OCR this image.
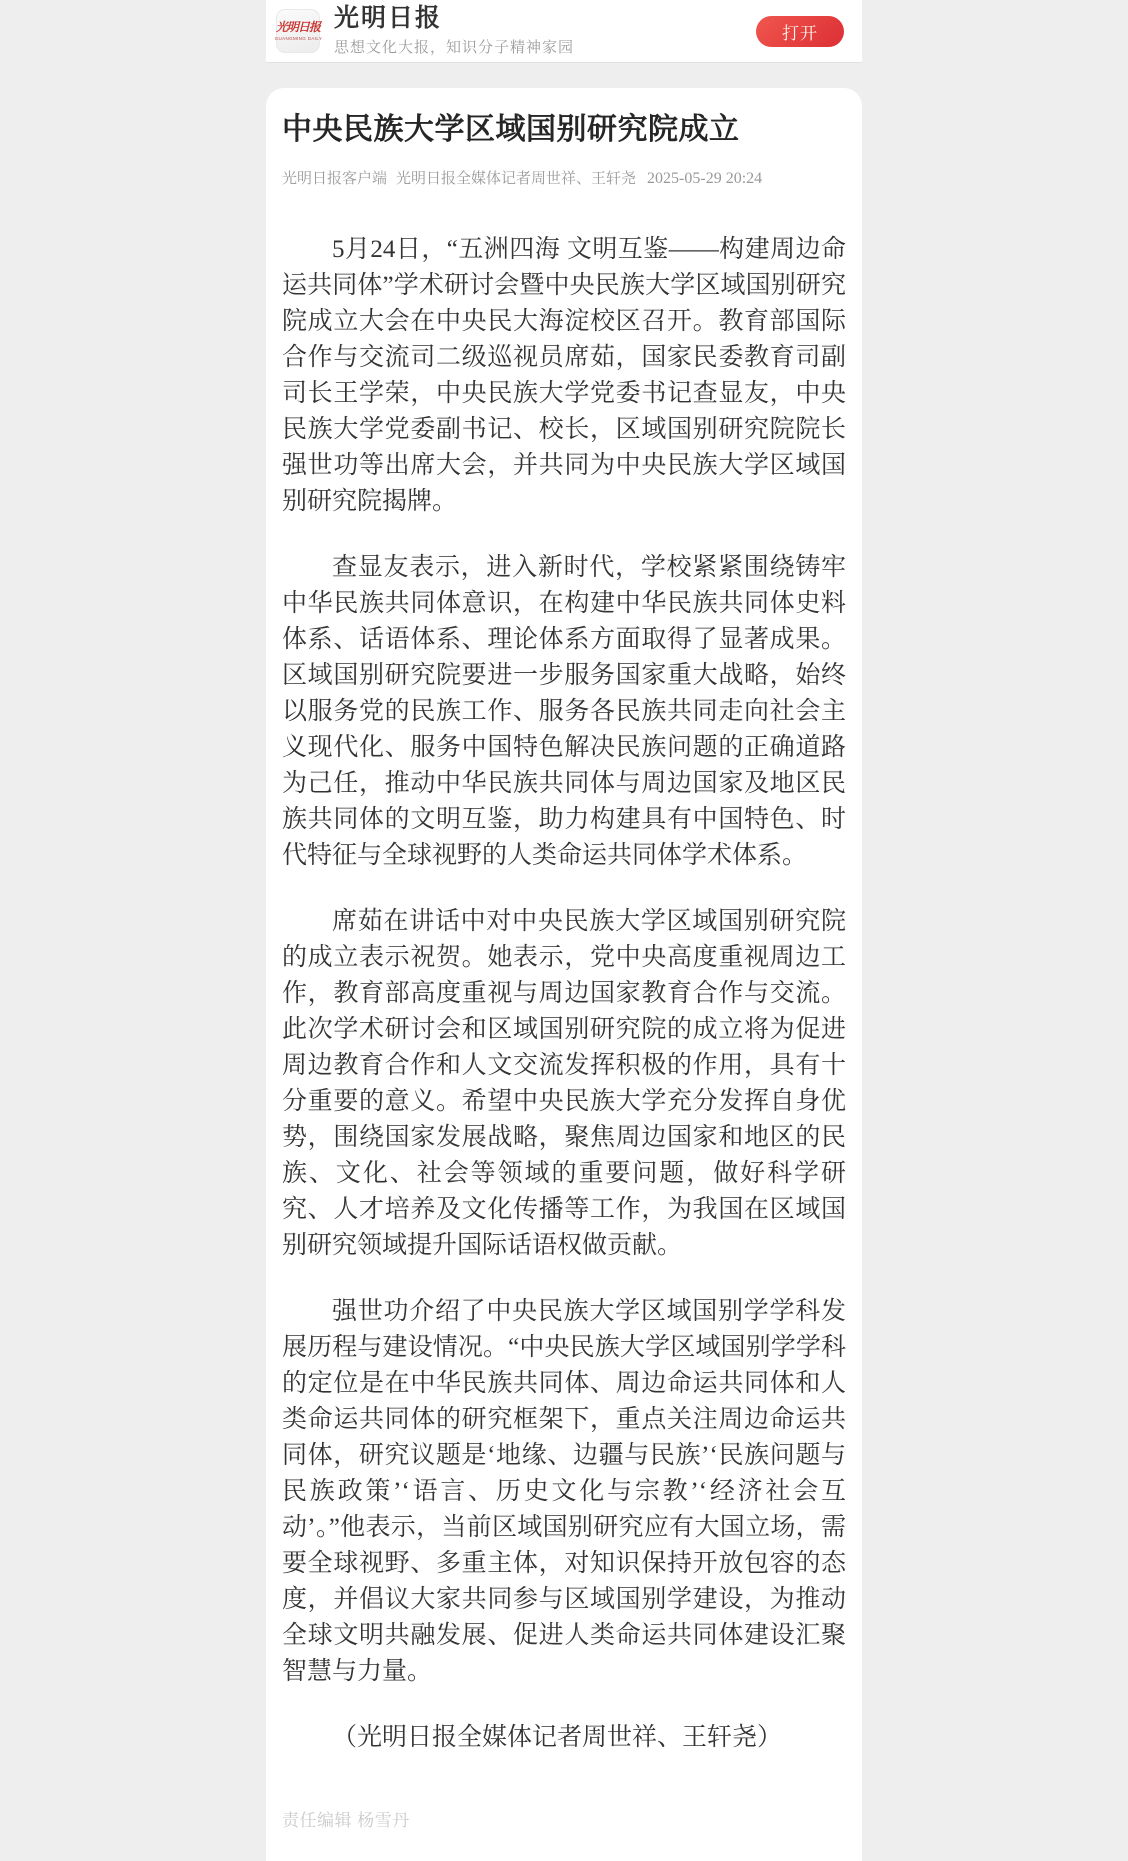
光明日报
GUANGMING DAILY
光明日报
思想文化大报，知识分子精神家园
打开
中央民族大学区域国别研究院成立
光明日报客户端 光明日报全媒体记者周世祥、王轩尧 2025-05-29 20:24

5月24日，“五洲四海 文明互鉴——构建周边命运共同体”学术研讨会暨中央民族大学区域国别研究院成立大会在中央民大海淀校区召开。教育部国际合作与交流司二级巡视员席茹，国家民委教育司副司长王学荣，中央民族大学党委书记查显友，中央民族大学党委副书记、校长，区域国别研究院院长强世功等出席大会，并共同为中央民族大学区域国别研究院揭牌。

查显友表示，进入新时代，学校紧紧围绕铸牢中华民族共同体意识，在构建中华民族共同体史料体系、话语体系、理论体系方面取得了显著成果。区域国别研究院要进一步服务国家重大战略，始终以服务党的民族工作、服务各民族共同走向社会主义现代化、服务中国特色解决民族问题的正确道路为己任，推动中华民族共同体与周边国家及地区民族共同体的文明互鉴，助力构建具有中国特色、时代特征与全球视野的人类命运共同体学术体系。

席茹在讲话中对中央民族大学区域国别研究院的成立表示祝贺。她表示，党中央高度重视周边工作，教育部高度重视与周边国家教育合作与交流。此次学术研讨会和区域国别研究院的成立将为促进周边教育合作和人文交流发挥积极的作用，具有十分重要的意义。希望中央民族大学充分发挥自身优势，围绕国家发展战略，聚焦周边国家和地区的民族、文化、社会等领域的重要问题，做好科学研究、人才培养及文化传播等工作，为我国在区域国别研究领域提升国际话语权做贡献。

强世功介绍了中央民族大学区域国别学学科发展历程与建设情况。“中央民族大学区域国别学学科的定位是在中华民族共同体、周边命运共同体和人类命运共同体的研究框架下，重点关注周边命运共同体，研究议题是‘地缘、边疆与民族’‘民族问题与民族政策’‘语言、历史文化与宗教’‘经济社会互动’。”他表示，当前区域国别研究应有大国立场，需要全球视野、多重主体，对知识保持开放包容的态度，并倡议大家共同参与区域国别学建设，为推动全球文明共融发展、促进人类命运共同体建设汇聚智慧与力量。

（光明日报全媒体记者周世祥、王轩尧）

责任编辑 杨雪丹
